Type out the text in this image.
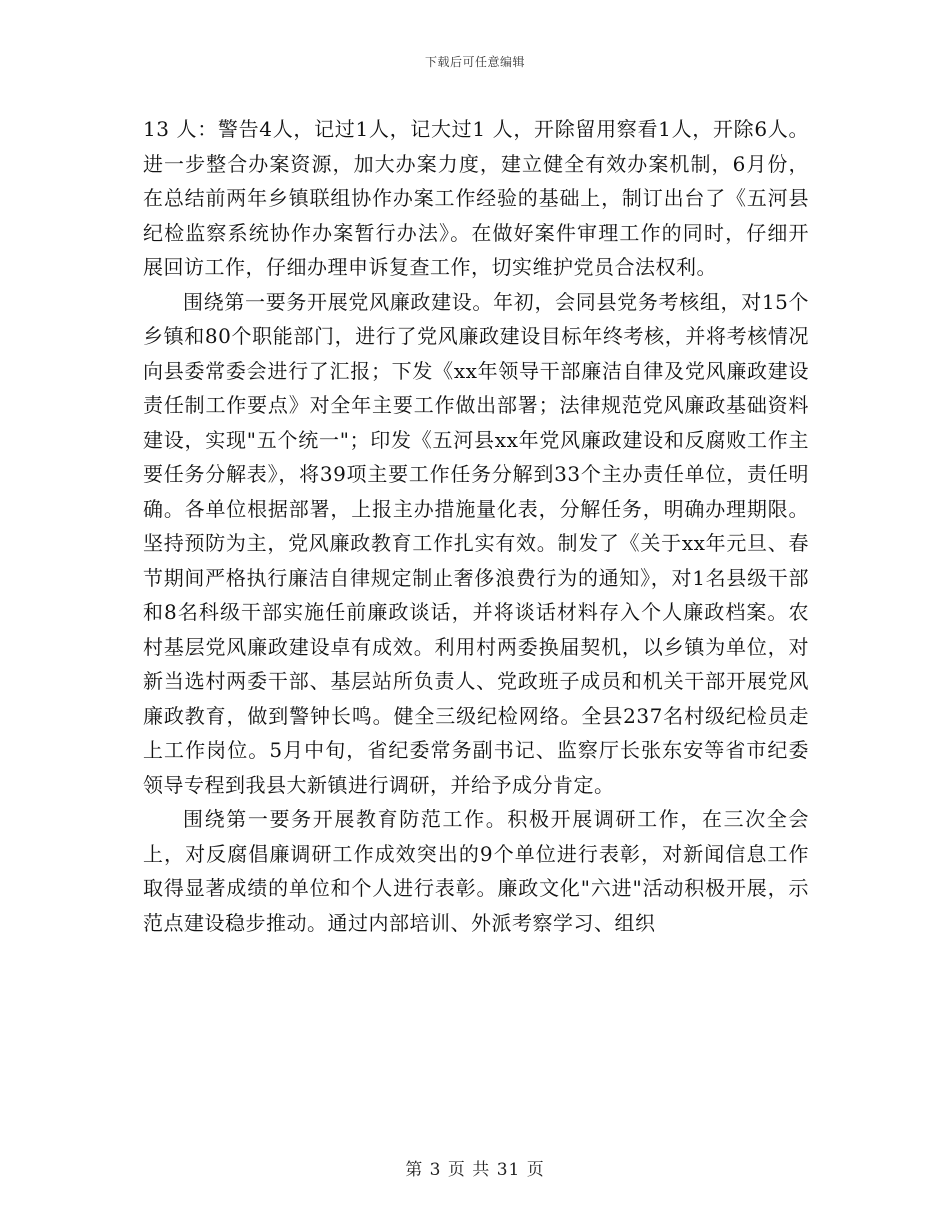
下载后可任意编辑

13 人：警告4人，记过1人，记大过1 人，开除留用察看1人，开除6人。进一步整合办案资源，加大办案力度，建立健全有效办案机制，6月份，在总结前两年乡镇联组协作办案工作经验的基础上，制订出台了《五河县纪检监察系统协作办案暂行办法》。在做好案件审理工作的同时，仔细开展回访工作，仔细办理申诉复查工作，切实维护党员合法权利。

围绕第一要务开展党风廉政建设。年初，会同县党务考核组，对15个乡镇和80个职能部门，进行了党风廉政建设目标年终考核，并将考核情况向县委常委会进行了汇报；下发《xx年领导干部廉洁自律及党风廉政建设责任制工作要点》对全年主要工作做出部署；法律规范党风廉政基础资料建设，实现"五个统一"；印发《五河县xx年党风廉政建设和反腐败工作主要任务分解表》，将39项主要工作任务分解到33个主办责任单位，责任明确。各单位根据部署，上报主办措施量化表，分解任务，明确办理期限。坚持预防为主，党风廉政教育工作扎实有效。制发了《关于xx年元旦、春节期间严格执行廉洁自律规定制止奢侈浪费行为的通知》，对1名县级干部和8名科级干部实施任前廉政谈话，并将谈话材料存入个人廉政档案。农村基层党风廉政建设卓有成效。利用村两委换届契机，以乡镇为单位，对新当选村两委干部、基层站所负责人、党政班子成员和机关干部开展党风廉政教育，做到警钟长鸣。健全三级纪检网络。全县237名村级纪检员走上工作岗位。5月中旬，省纪委常务副书记、监察厅长张东安等省市纪委领导专程到我县大新镇进行调研，并给予成分肯定。

围绕第一要务开展教育防范工作。积极开展调研工作，在三次全会上，对反腐倡廉调研工作成效突出的9个单位进行表彰，对新闻信息工作取得显著成绩的单位和个人进行表彰。廉政文化"六进"活动积极开展，示范点建设稳步推动。通过内部培训、外派考察学习、组织

第 3 页 共 31 页
